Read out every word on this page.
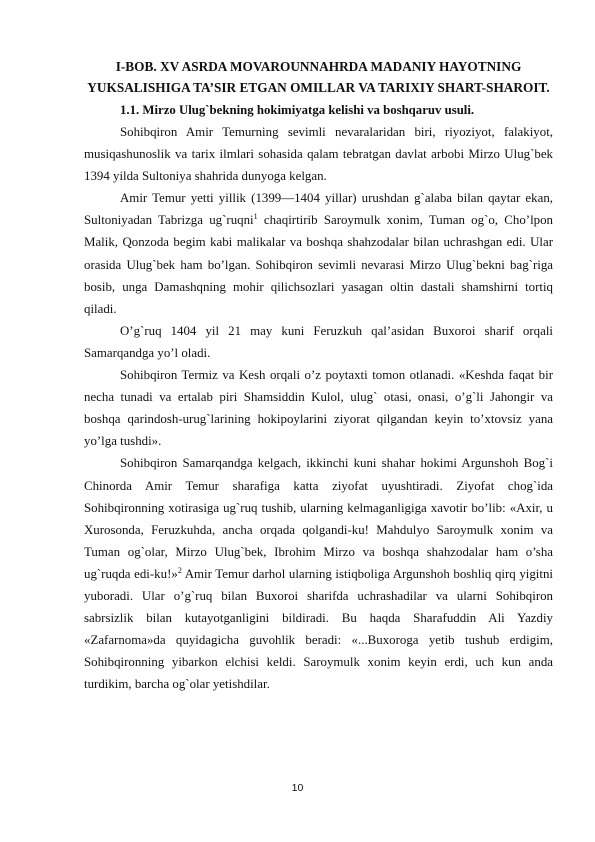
I-BOB. XV ASRDA MOVAROUNNAHRDA MADANIY HAYOTNING YUKSALISHIGA TA’SIR ETGAN OMILLAR VA TARIXIY SHART-SHAROIT.

1.1. Mirzo Ulug`bekning hokimiyatga kelishi va boshqaruv usuli.

Sohibqiron Amir Temurning sevimli nevaralaridan biri, riyoziyot, falakiyot, musiqashunoslik va tarix ilmlari sohasida qalam tebratgan davlat arbobi Mirzo Ulug`bek 1394 yilda Sultoniya shahrida dunyoga kelgan.

Amir Temur yetti yillik (1399—1404 yillar) urushdan g`alaba bilan qaytar ekan, Sultoniyadan Tabrizga ug`ruqni$^1$ chaqirtirib Saroymulk xonim, Tuman og`o, Cho’lpon Malik, Qonzoda begim kabi malikalar va boshqa shahzodalar bilan uchrashgan edi. Ular orasida Ulug`bek ham bo’lgan. Sohibqiron sevimli nevarasi Mirzo Ulug`bekni bag`riga bosib, unga Damashqning mohir qilichsozlari yasagan oltin dastali shamshirni tortiq qiladi.

O’g`ruq 1404 yil 21 may kuni Feruzkuh qal’asidan Buxoroi sharif orqali Samarqandga yo’l oladi.

Sohibqiron Termiz va Kesh orqali o’z poytaxti tomon otlanadi. «Keshda faqat bir necha tunadi va ertalab piri Shamsiddin Kulol, ulug` otasi, onasi, o’g`li Jahongir va boshqa qarindosh-urug`larining hokipoylarini ziyorat qilgandan keyin to’xtovsiz yana yo’lga tushdi».

Sohibqiron Samarqandga kelgach, ikkinchi kuni shahar hokimi Argunshoh Bog`i Chinorda Amir Temur sharafiga katta ziyofat uyushtiradi. Ziyofat chog`ida Sohibqironning xotirasiga ug`ruq tushib, ularning kelmaganligiga xavotir bo’lib: «Axir, u Xurosonda, Feruzkuhda, ancha orqada qolgandi-ku! Mahdulyo Saroymulk xonim va Tuman og`olar, Mirzo Ulug`bek, Ibrohim Mirzo va boshqa shahzodalar ham o’sha ug`ruqda edi-ku!»$^2$ Amir Temur darhol ularning istiqboliga Argunshoh boshliq qirq yigitni yuboradi. Ular o’g`ruq bilan Buxoroi sharifda uchrashadilar va ularni Sohibqiron sabrsizlik bilan kutayotganligini bildiradi. Bu haqda Sharafuddin Ali Yazdiy «Zafarnoma»da quyidagicha guvohlik beradi: «...Buxoroga yetib tushub erdigim, Sohibqironning yibarkon elchisi keldi. Saroymulk xonim keyin erdi, uch kun anda turdikim, barcha og`olar yetishdilar.

10
